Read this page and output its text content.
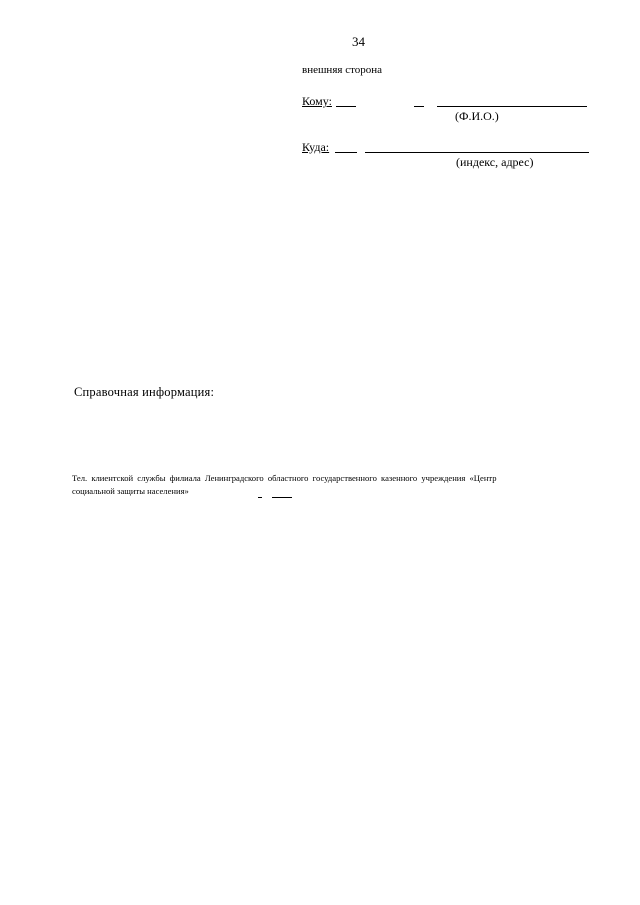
34
внешняя сторона
Кому:
(Ф.И.О.)
Куда:
(индекс, адрес)
Справочная информация:
Тел. клиентской службы филиала Ленинградского областного государственного казенного учреждения «Центр
социальной защиты населения»
